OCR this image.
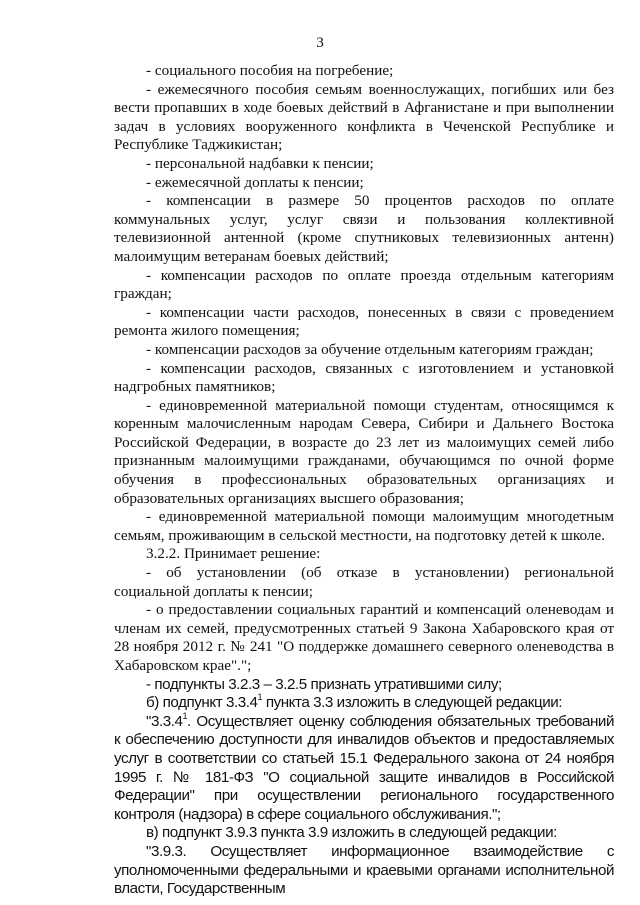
3

- социального пособия на погребение;

- ежемесячного пособия семьям военнослужащих, погибших или без вести пропавших в ходе боевых действий в Афганистане и при выполнении задач в условиях вооруженного конфликта в Чеченской Республике и Республике Таджикистан;

- персональной надбавки к пенсии;

- ежемесячной доплаты к пенсии;

- компенсации в размере 50 процентов расходов по оплате коммунальных услуг, услуг связи и пользования коллективной телевизионной антенной (кроме спутниковых телевизионных антенн) малоимущим ветеранам боевых действий;

- компенсации расходов по оплате проезда отдельным категориям граждан;

- компенсации части расходов, понесенных в связи с проведением ремонта жилого помещения;

- компенсации расходов за обучение отдельным категориям граждан;

- компенсации расходов, связанных с изготовлением и установкой надгробных памятников;

- единовременной материальной помощи студентам, относящимся к коренным малочисленным народам Севера, Сибири и Дальнего Востока Российской Федерации, в возрасте до 23 лет из малоимущих семей либо признанным малоимущими гражданами, обучающимся по очной форме обучения в профессиональных образовательных организациях и образовательных организациях высшего образования;

- единовременной материальной помощи малоимущим многодетным семьям, проживающим в сельской местности, на подготовку детей к школе.

3.2.2. Принимает решение:

- об установлении (об отказе в установлении) региональной социальной доплаты к пенсии;

- о предоставлении социальных гарантий и компенсаций оленеводам и членам их семей, предусмотренных статьей 9 Закона Хабаровского края от 28 ноября 2012 г. № 241 "О поддержке домашнего северного оленеводства в Хабаровском крае".";

- подпункты 3.2.3 – 3.2.5 признать утратившими силу;

б) подпункт 3.3.4$^1$ пункта 3.3 изложить в следующей редакции:

"3.3.4$^1$. Осуществляет оценку соблюдения обязательных требований к обеспечению доступности для инвалидов объектов и предоставляемых услуг в соответствии со статьей 15.1 Федерального закона от 24 ноября 1995 г. № 181-ФЗ "О социальной защите инвалидов в Российской Федерации" при осуществлении регионального государственного контроля (надзора) в сфере социального обслуживания.";

в) подпункт 3.9.3 пункта 3.9 изложить в следующей редакции:

"3.9.3. Осуществляет информационное взаимодействие с уполномоченными федеральными и краевыми органами исполнительной власти, Государственным
